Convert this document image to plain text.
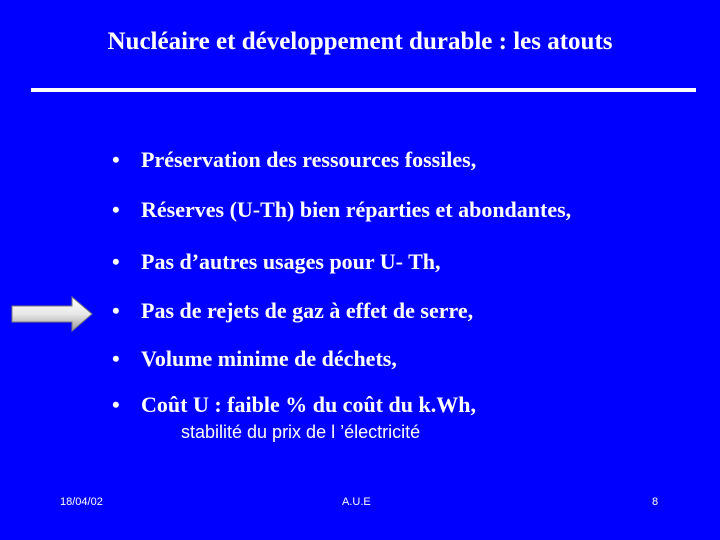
Nucléaire et développement durable : les atouts
• Préservation des ressources fossiles,
• Réserves (U-Th) bien réparties et abondantes,
• Pas d’autres usages pour U- Th,
• Pas de rejets de gaz à effet de serre,
• Volume minime de déchets,
• Coût U : faible % du coût du k.Wh,
stabilité du prix de l ’électricité
18/04/02	A.U.E	8
